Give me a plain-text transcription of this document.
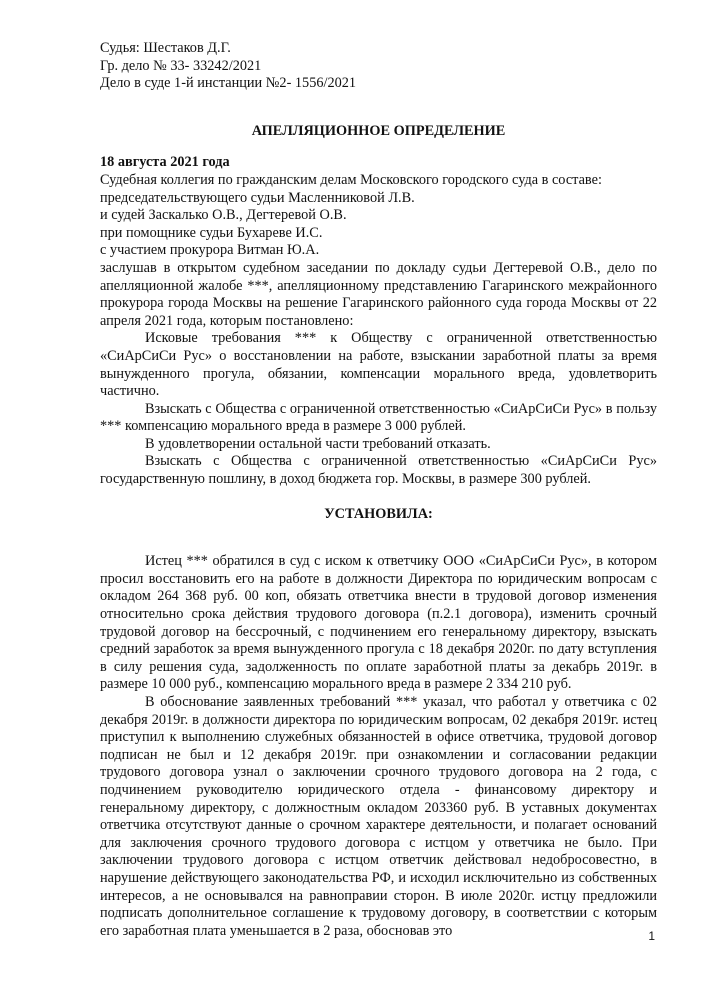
Судья: Шестаков Д.Г.

Гр. дело № 33- 33242/2021

Дело в суде 1-й инстанции №2- 1556/2021

АПЕЛЛЯЦИОННОЕ ОПРЕДЕЛЕНИЕ

18 августа 2021 года

Судебная коллегия по гражданским делам Московского городского суда в составе:

председательствующего судьи Масленниковой Л.В.

и судей Заскалько О.В., Дегтеревой О.В.

при помощнике судьи Бухареве И.С.

с участием прокурора Витман Ю.А.

заслушав в открытом судебном заседании по докладу судьи Дегтеревой О.В., дело по апелляционной жалобе ***, апелляционному представлению Гагаринского межрайонного прокурора города Москвы на решение Гагаринского районного суда города Москвы от 22 апреля 2021 года, которым постановлено:

Исковые требования *** к Обществу с ограниченной ответственностью «СиАрСиСи Рус» о восстановлении на работе, взыскании заработной платы за время вынужденного прогула, обязании, компенсации морального вреда, удовлетворить частично.

Взыскать с Общества с ограниченной ответственностью «СиАрСиСи Рус» в пользу *** компенсацию морального вреда в размере 3 000 рублей.

В удовлетворении остальной части требований отказать.

Взыскать с Общества с ограниченной ответственностью «СиАрСиСи Рус» государственную пошлину, в доход бюджета гор. Москвы, в размере 300 рублей.

УСТАНОВИЛА:

Истец *** обратился в суд с иском к ответчику ООО «СиАрСиСи Рус», в котором просил восстановить его на работе в должности Директора по юридическим вопросам с окладом 264 368 руб. 00 коп, обязать ответчика внести в трудовой договор изменения относительно срока действия трудового договора (п.2.1 договора), изменить срочный трудовой договор на бессрочный, с подчинением его генеральному директору, взыскать средний заработок за время вынужденного прогула с 18 декабря 2020г. по дату вступления в силу решения суда, задолженность по оплате заработной платы за декабрь 2019г. в размере 10 000 руб., компенсацию морального вреда в размере 2 334 210 руб.

В обоснование заявленных требований *** указал, что работал у ответчика с 02 декабря 2019г. в должности директора по юридическим вопросам, 02 декабря 2019г. истец приступил к выполнению служебных обязанностей в офисе ответчика, трудовой договор подписан не был и 12 декабря 2019г. при ознакомлении и согласовании редакции трудового договора узнал о заключении срочного трудового договора на 2 года, с подчинением руководителю юридического отдела - финансовому директору и генеральному директору, с должностным окладом 203360 руб. В уставных документах ответчика отсутствуют данные о срочном характере деятельности, и полагает оснований для заключения срочного трудового договора с истцом у ответчика не было. При заключении трудового договора с истцом ответчик действовал недобросовестно, в нарушение действующего законодательства РФ, и исходил исключительно из собственных интересов, а не основывался на равноправии сторон. В июле 2020г. истцу предложили подписать дополнительное соглашение к трудовому договору, в соответствии с которым его заработная плата уменьшается в 2 раза, обосновав это	1
